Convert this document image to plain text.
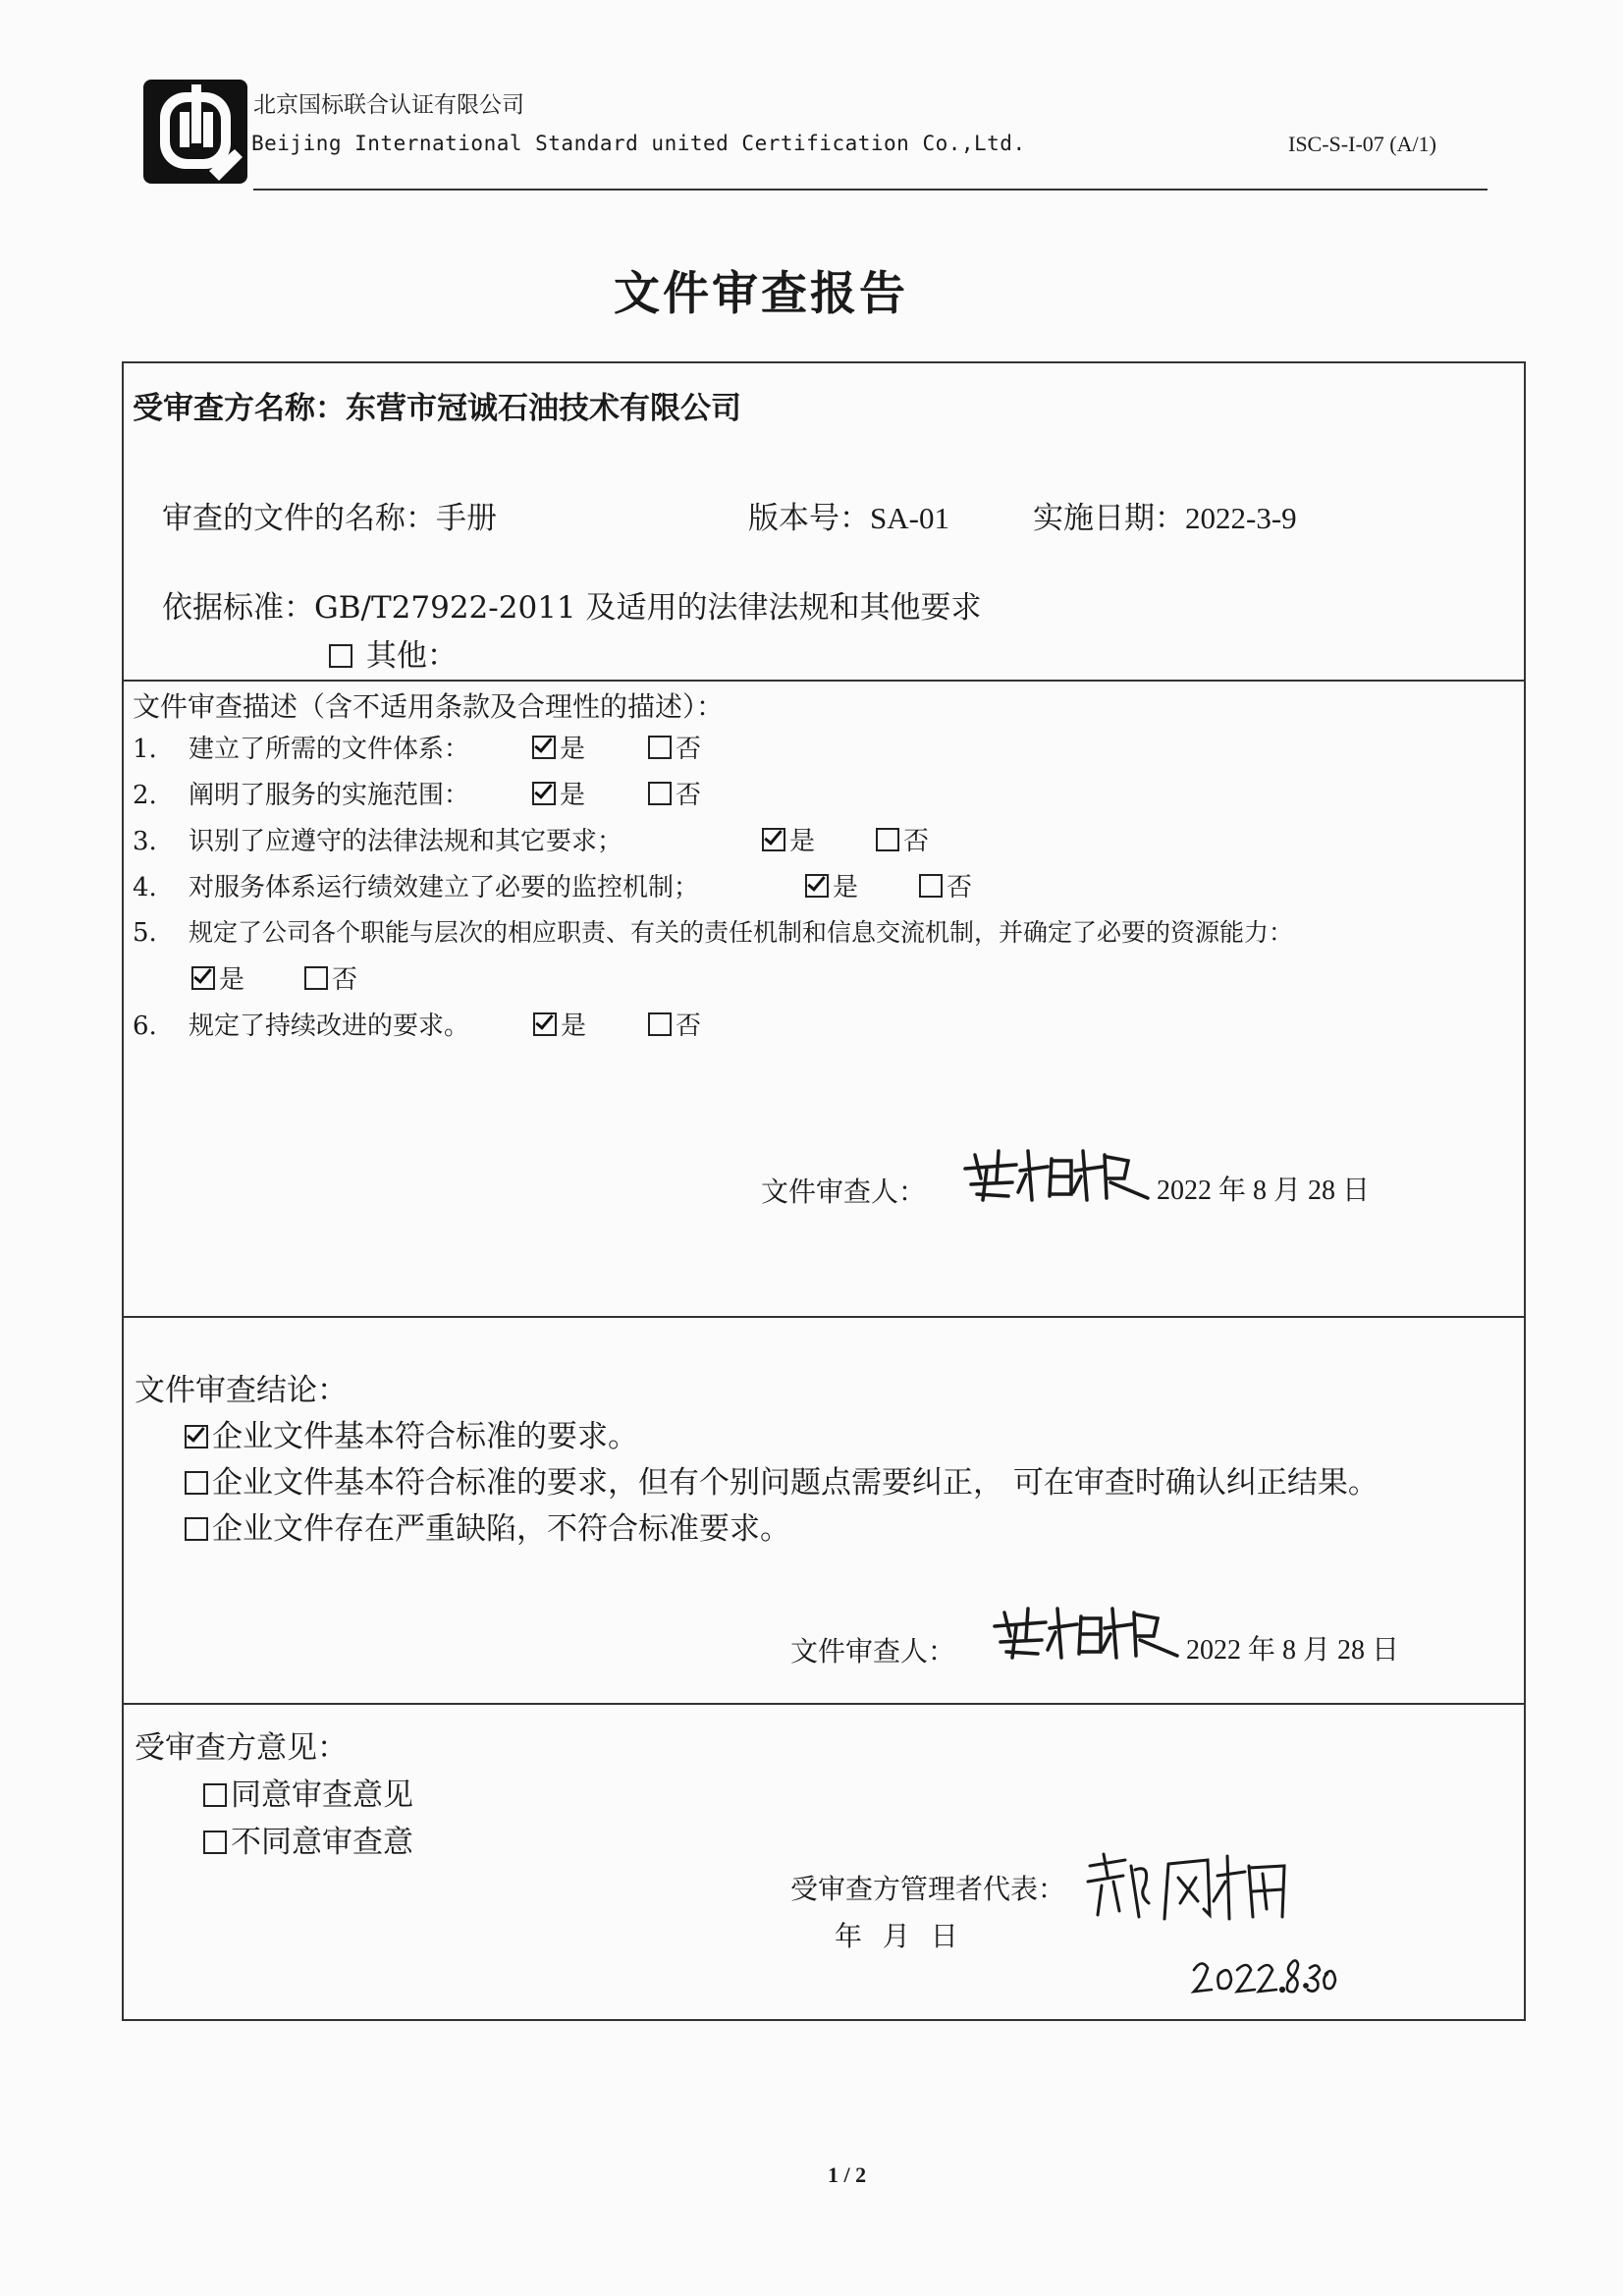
北京国标联合认证有限公司
Beijing International Standard united Certification Co.,Ltd.	ISC-S-I-07 (A/1)
文件审查报告
受审查方名称：东营市冠诚石油技术有限公司
审查的文件的名称：手册	版本号：SA-01	实施日期：2022-3-9
依据标准：GB/T27922-2011 及适用的法律法规和其他要求
其他：
文件审查描述（含不适用条款及合理性的描述）：
1. 建立了所需的文件体系：	是	否
2. 阐明了服务的实施范围：	是	否
3. 识别了应遵守的法律法规和其它要求；	是	否
4. 对服务体系运行绩效建立了必要的监控机制；	是	否
5. 规定了公司各个职能与层次的相应职责、有关的责任机制和信息交流机制，并确定了必要的资源能力：
是	否
6. 规定了持续改进的要求。	是	否
文件审查人：	2022 年 8 月 28 日
文件审查结论：
企业文件基本符合标准的要求。
企业文件基本符合标准的要求，但有个别问题点需要纠正， 可在审查时确认纠正结果。
企业文件存在严重缺陷，不符合标准要求。
文件审查人：	2022 年 8 月 28 日
受审查方意见：
同意审查意见
不同意审查意
受审查方管理者代表：
年 月 日
1 / 2
